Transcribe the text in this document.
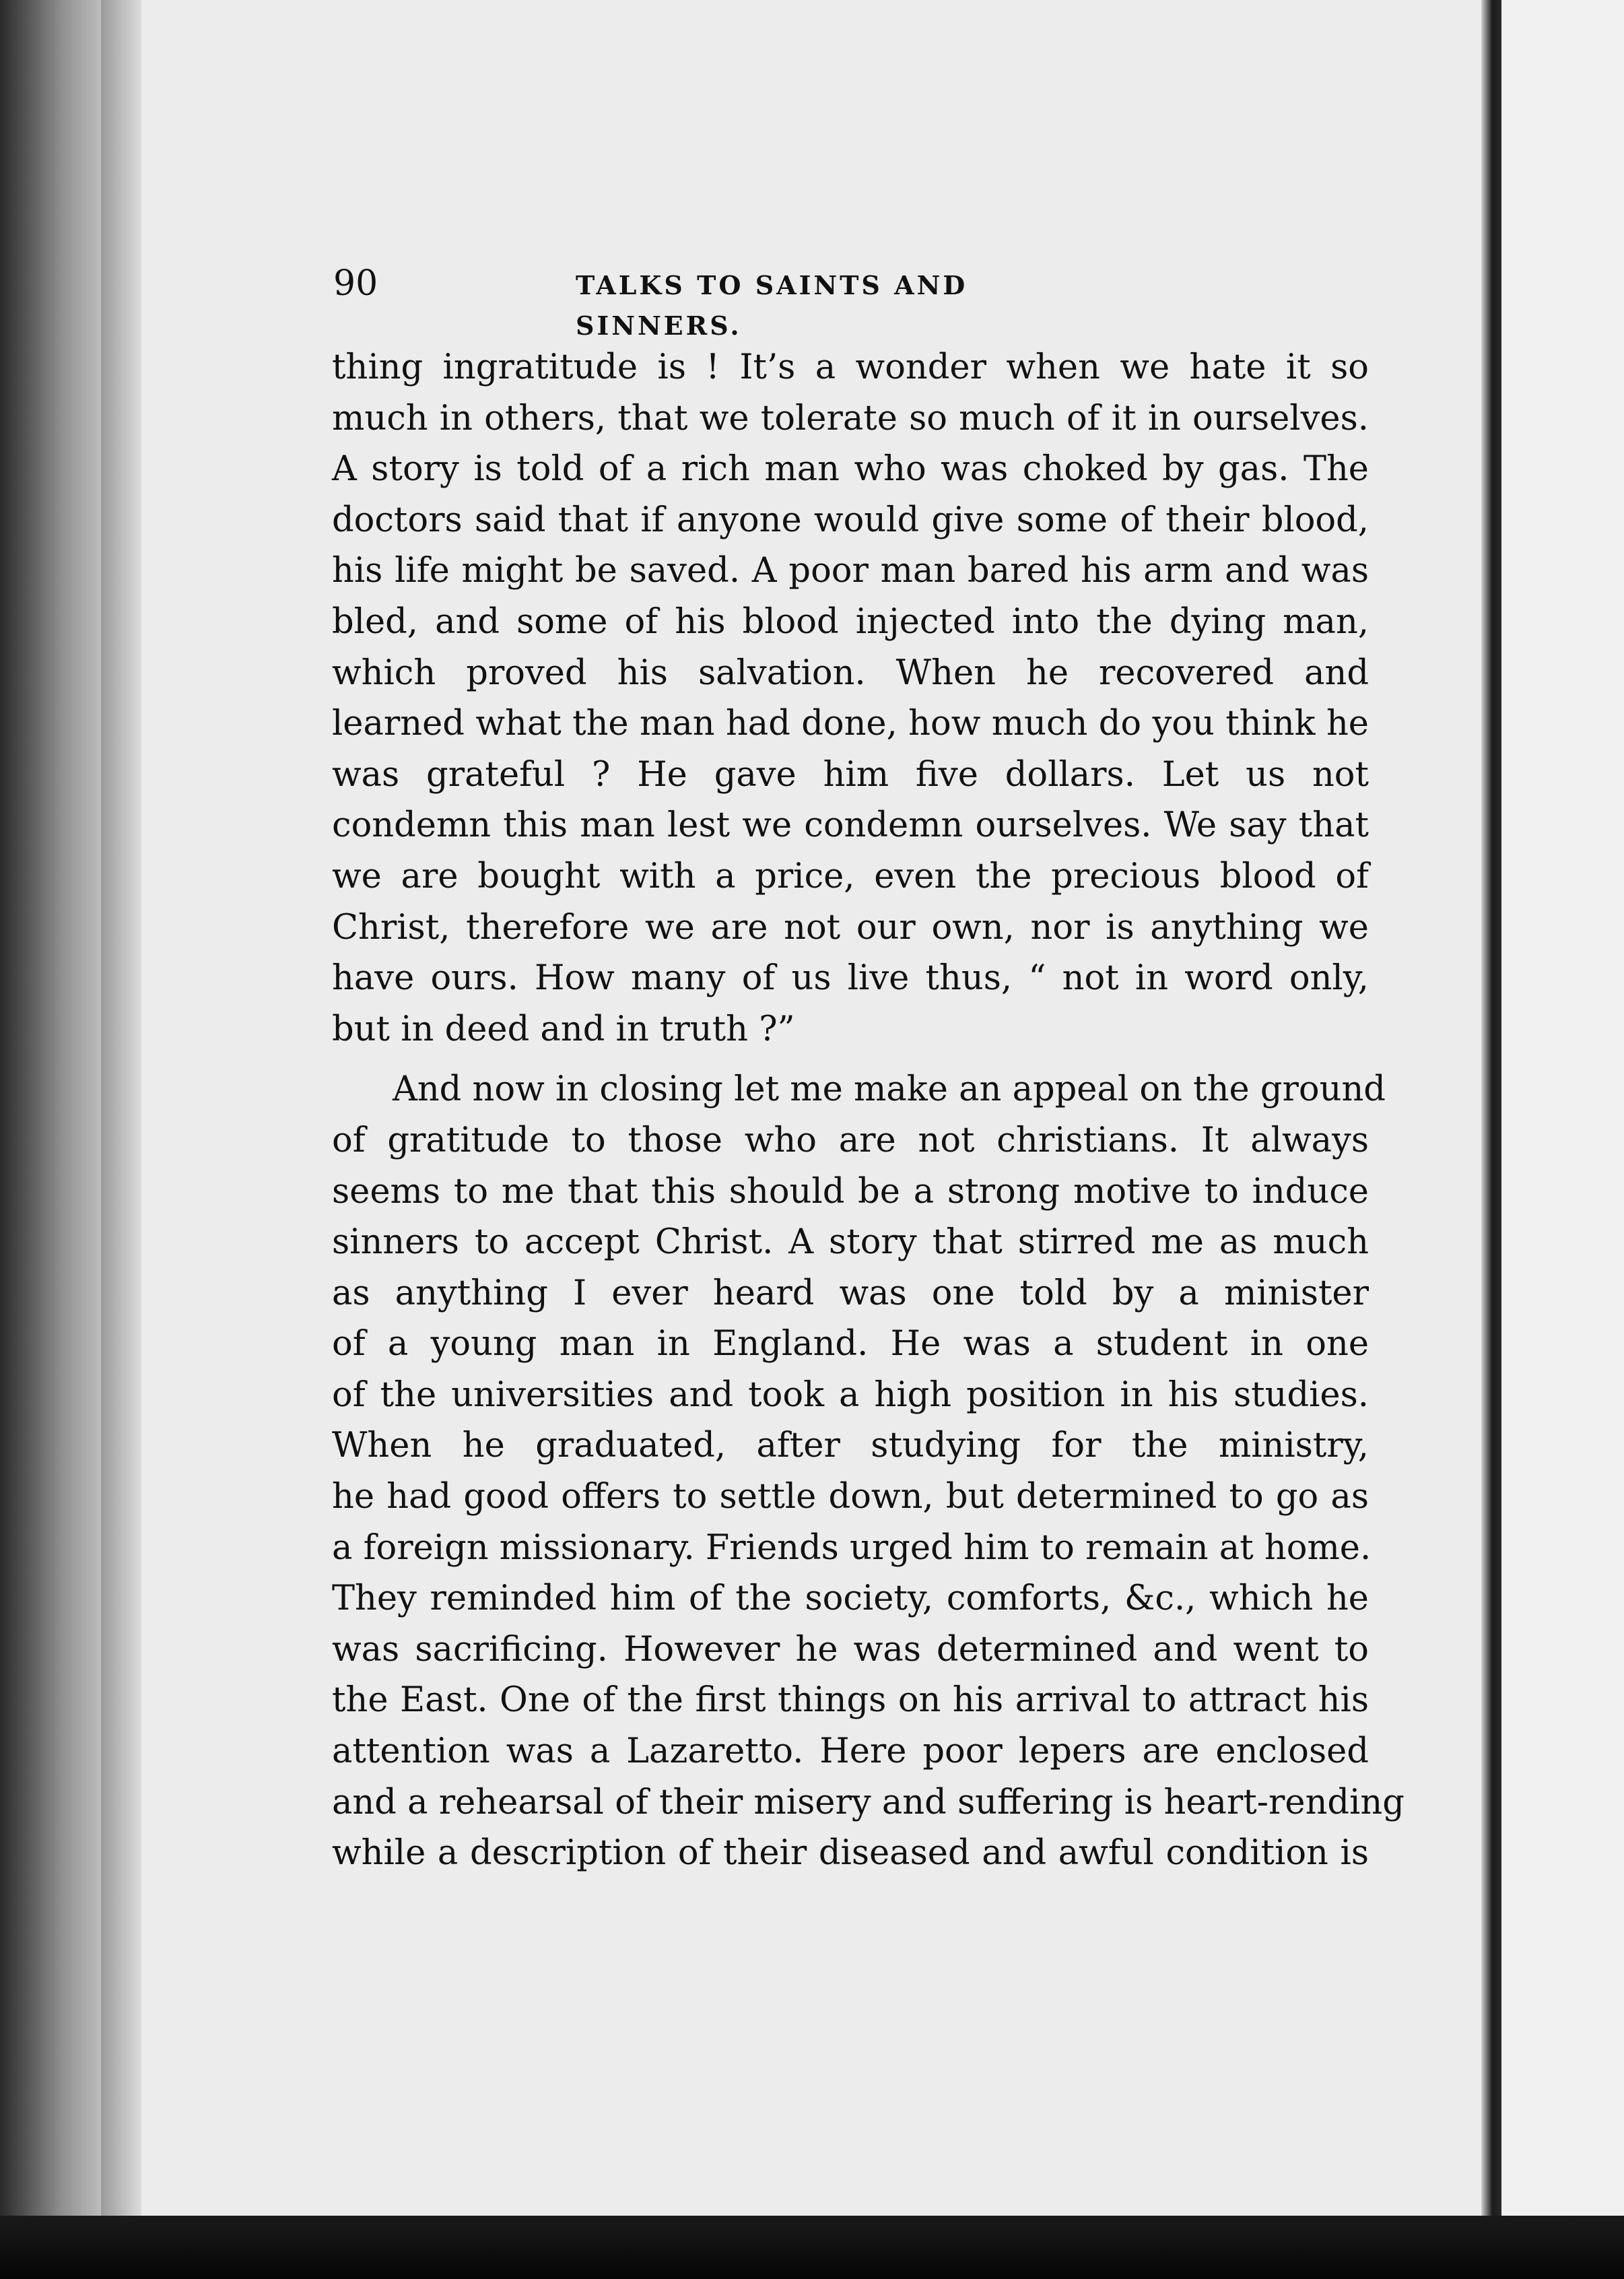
90	TALKS TO SAINTS AND SINNERS.
thing ingratitude is ! It’s a wonder when we hate it so
much in others, that we tolerate so much of it in ourselves.
A story is told of a rich man who was choked by gas. The
doctors said that if anyone would give some of their blood,
his life might be saved. A poor man bared his arm and was
bled, and some of his blood injected into the dying man,
which proved his salvation. When he recovered and
learned what the man had done, how much do you think he
was grateful ? He gave him five dollars. Let us not
condemn this man lest we condemn ourselves. We say that
we are bought with a price, even the precious blood of
Christ, therefore we are not our own, nor is anything we
have ours. How many of us live thus, “ not in word only,
but in deed and in truth ?”
And now in closing let me make an appeal on the ground
of gratitude to those who are not christians. It always
seems to me that this should be a strong motive to induce
sinners to accept Christ. A story that stirred me as much
as anything I ever heard was one told by a minister
of a young man in England. He was a student in one
of the universities and took a high position in his studies.
When he graduated, after studying for the ministry,
he had good offers to settle down, but determined to go as
a foreign missionary. Friends urged him to remain at home.
They reminded him of the society, comforts, &c., which he
was sacrificing. However he was determined and went to
the East. One of the first things on his arrival to attract his
attention was a Lazaretto. Here poor lepers are enclosed
and a rehearsal of their misery and suffering is heart-rending
while a description of their diseased and awful condition is
